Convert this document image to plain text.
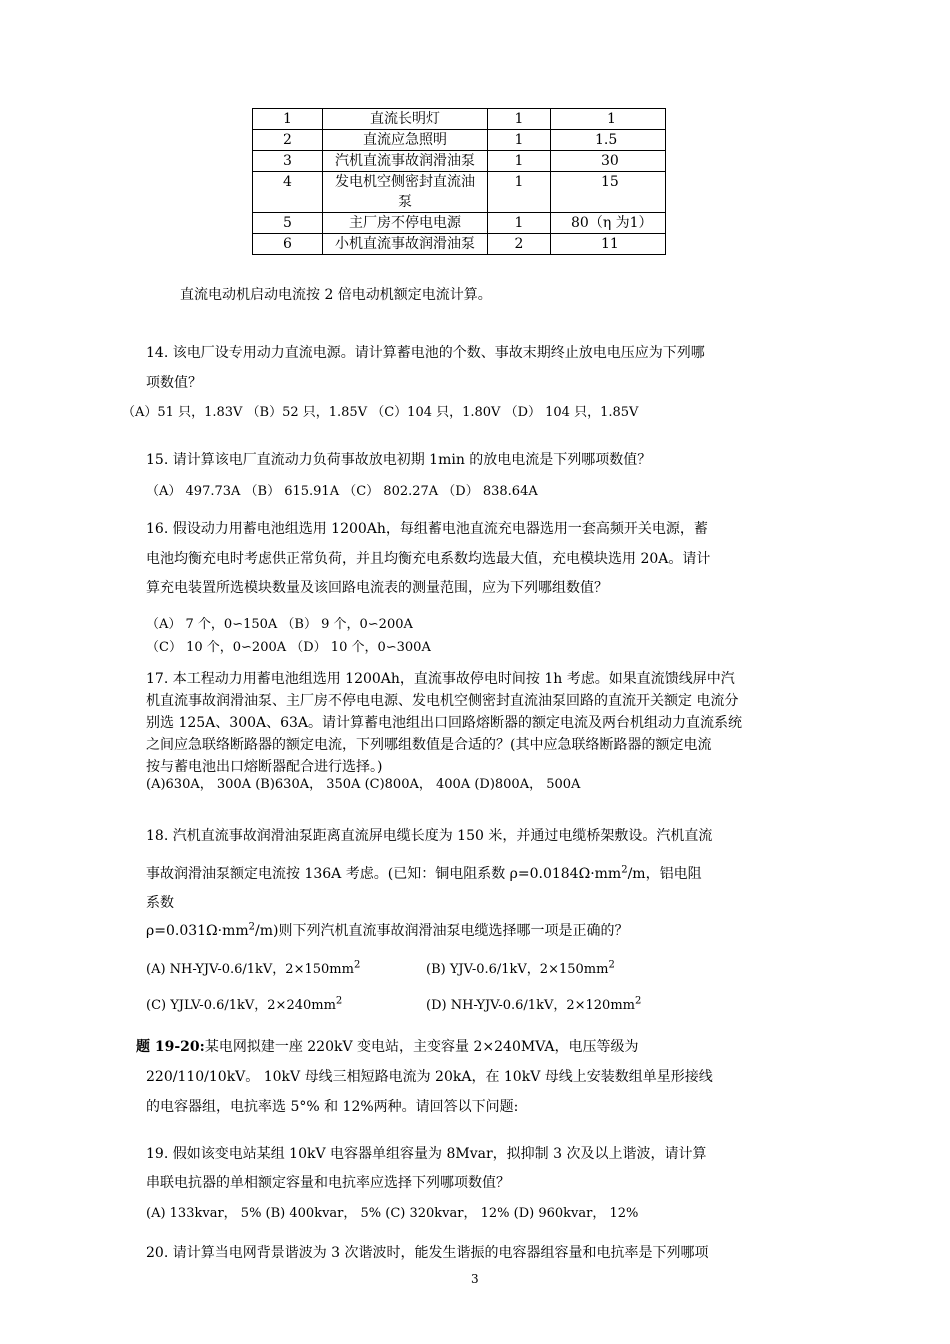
1	直流长明灯	1	1

2	直流应急照明	1	1.5

3	汽机直流事故润滑油泵	1	30

4	发电机空侧密封直流油泵	1	15

5	主厂房不停电电源	1	80（η 为1）

6	小机直流事故润滑油泵	2	11
直流电动机启动电流按 2 倍电动机额定电流计算。
14. 该电厂设专用动力直流电源。请计算蓄电池的个数、事故末期终止放电电压应为下列哪
项数值？
（A）51 只，1.83V （B）52 只，1.85V （C）104 只，1.80V （D） 104 只，1.85V
15. 请计算该电厂直流动力负荷事故放电初期 1min 的放电电流是下列哪项数值？
（A） 497.73A （B） 615.91A （C） 802.27A （D） 838.64A
16. 假设动力用蓄电池组选用 1200Ah，每组蓄电池直流充电器选用一套高频开关电源，蓄
电池均衡充电时考虑供正常负荷，并且均衡充电系数均选最大值，充电模块选用 20A。请计
算充电装置所选模块数量及该回路电流表的测量范围，应为下列哪组数值？
（A） 7 个，0∽150A （B） 9 个，0∽200A
（C） 10 个，0∽200A （D） 10 个，0∽300A
17. 本工程动力用蓄电池组选用 1200Ah，直流事故停电时间按 1h 考虑。如果直流馈线屏中汽
机直流事故润滑油泵、主厂房不停电电源、发电机空侧密封直流油泵回路的直流开关额定 电流分
别选 125A、300A、63A。请计算蓄电池组出口回路熔断器的额定电流及两台机组动力直流系统
之间应急联络断路器的额定电流，下列哪组数值是合适的？(其中应急联络断路器的额定电流
按与蓄电池出口熔断器配合进行选择。)
(A)630A， 300A (B)630A， 350A (C)800A， 400A (D)800A， 500A
18. 汽机直流事故润滑油泵距离直流屏电缆长度为 150 米，并通过电缆桥架敷设。汽机直流
事故润滑油泵额定电流按 136A 考虑。(已知：铜电阻系数 $\rho=0.0184\Omega\cdot mm^2/m$，铝电阻
系数
$\rho=0.031\Omega\cdot mm^2/m$)则下列汽机直流事故润滑油泵电缆选择哪一项是正确的？
(A) NH-YJV-0.6/1kV，$2\times 150mm^2$	(B) YJV-0.6/1kV，$2\times 150mm^2$
(C) YJLV-0.6/1kV，$2\times 240mm^2$	(D) NH-YJV-0.6/1kV，$2\times 120mm^2$
题 19-20:某电网拟建一座 220kV 变电站，主变容量 2×240MVA，电压等级为
220/110/10kV。 10kV 母线三相短路电流为 20kA，在 10kV 母线上安装数组单星形接线
的电容器组，电抗率选 5°% 和 12%两种。请回答以下问题:
19. 假如该变电站某组 10kV 电容器单组容量为 8Mvar，拟抑制 3 次及以上谐波，请计算
串联电抗器的单相额定容量和电抗率应选择下列哪项数值？
(A) 133kvar， 5% (B) 400kvar， 5% (C) 320kvar， 12% (D) 960kvar， 12%
20. 请计算当电网背景谐波为 3 次谐波时，能发生谐振的电容器组容量和电抗率是下列哪项
3
